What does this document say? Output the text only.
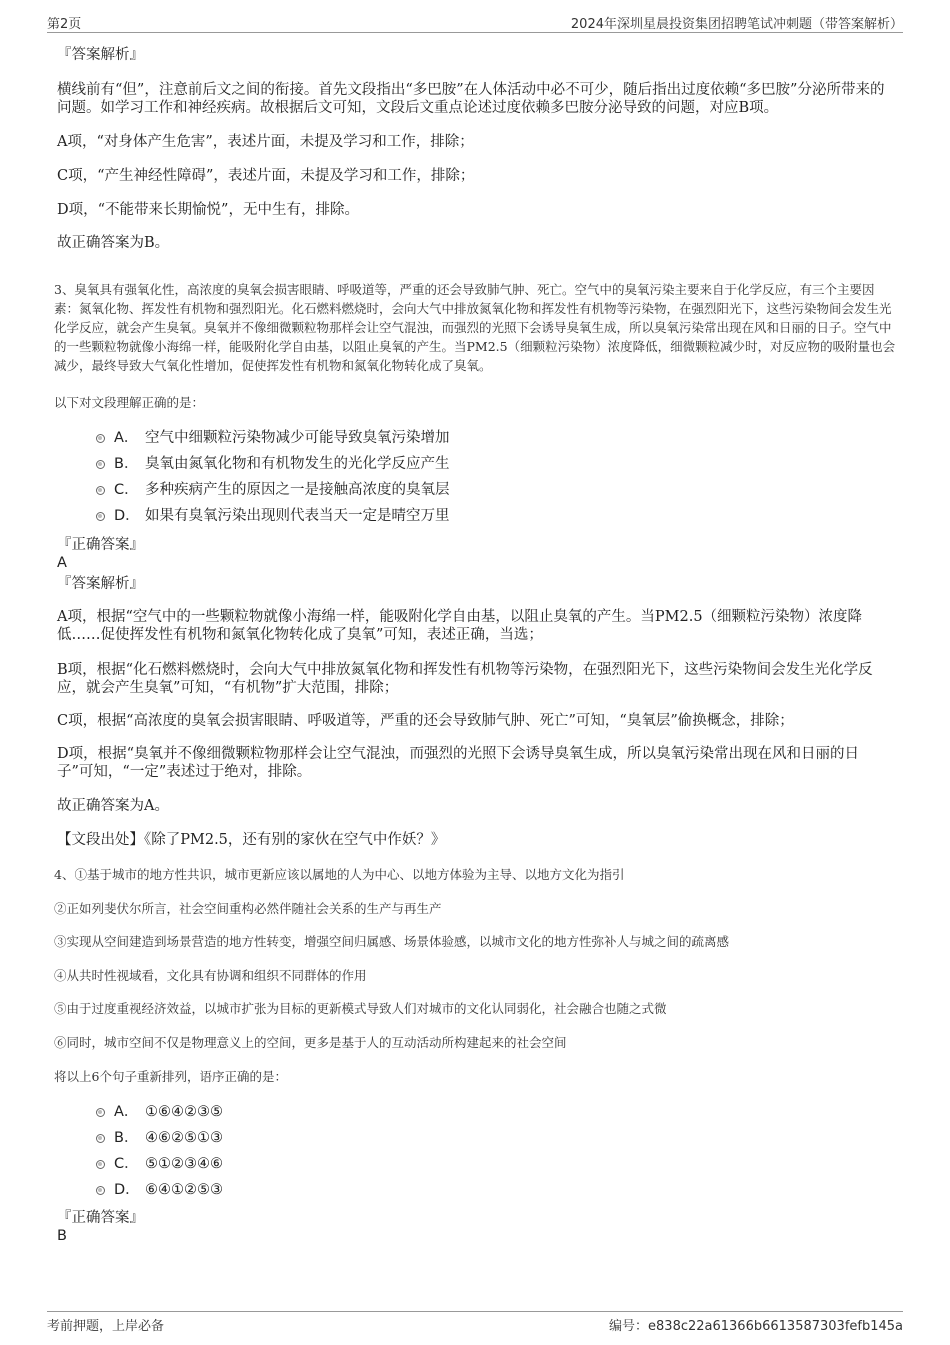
第2页	2024年深圳星晨投资集团招聘笔试冲刺题（带答案解析）

『答案解析』

横线前有“但”，注意前后文之间的衔接。首先文段指出“多巴胺”在人体活动中必不可少，随后指出过度依赖“多巴胺”分泌所带来的问题。如学习工作和神经疾病。故根据后文可知，文段后文重点论述过度依赖多巴胺分泌导致的问题，对应B项。

A项，“对身体产生危害”，表述片面，未提及学习和工作，排除；

C项，“产生神经性障碍”，表述片面，未提及学习和工作，排除；

D项，“不能带来长期愉悦”，无中生有，排除。

故正确答案为B。

3、臭氧具有强氧化性，高浓度的臭氧会损害眼睛、呼吸道等，严重的还会导致肺气肿、死亡。空气中的臭氧污染主要来自于化学反应，有三个主要因素：氮氧化物、挥发性有机物和强烈阳光。化石燃料燃烧时，会向大气中排放氮氧化物和挥发性有机物等污染物，在强烈阳光下，这些污染物间会发生光化学反应，就会产生臭氧。臭氧并不像细微颗粒物那样会让空气混浊，而强烈的光照下会诱导臭氧生成，所以臭氧污染常出现在风和日丽的日子。空气中的一些颗粒物就像小海绵一样，能吸附化学自由基，以阻止臭氧的产生。当PM2.5（细颗粒污染物）浓度降低，细微颗粒减少时，对反应物的吸附量也会减少，最终导致大气氧化性增加，促使挥发性有机物和氮氧化物转化成了臭氧。

以下对文段理解正确的是：

A． 空气中细颗粒污染物减少可能导致臭氧污染增加
B． 臭氧由氮氧化物和有机物发生的光化学反应产生
C． 多种疾病产生的原因之一是接触高浓度的臭氧层
D． 如果有臭氧污染出现则代表当天一定是晴空万里

『正确答案』

A

『答案解析』

A项，根据“空气中的一些颗粒物就像小海绵一样，能吸附化学自由基，以阻止臭氧的产生。当PM2.5（细颗粒污染物）浓度降低……促使挥发性有机物和氮氧化物转化成了臭氧”可知，表述正确，当选；

B项，根据“化石燃料燃烧时，会向大气中排放氮氧化物和挥发性有机物等污染物，在强烈阳光下，这些污染物间会发生光化学反应，就会产生臭氧”可知，“有机物”扩大范围，排除；

C项，根据“高浓度的臭氧会损害眼睛、呼吸道等，严重的还会导致肺气肿、死亡”可知，“臭氧层”偷换概念，排除；

D项，根据“臭氧并不像细微颗粒物那样会让空气混浊，而强烈的光照下会诱导臭氧生成，所以臭氧污染常出现在风和日丽的日子”可知，“一定”表述过于绝对，排除。

故正确答案为A。

【文段出处】《除了PM2.5，还有别的家伙在空气中作妖？》

4、①基于城市的地方性共识，城市更新应该以属地的人为中心、以地方体验为主导、以地方文化为指引

②正如列斐伏尔所言，社会空间重构必然伴随社会关系的生产与再生产

③实现从空间建造到场景营造的地方性转变，增强空间归属感、场景体验感，以城市文化的地方性弥补人与城之间的疏离感

④从共时性视域看，文化具有协调和组织不同群体的作用

⑤由于过度重视经济效益，以城市扩张为目标的更新模式导致人们对城市的文化认同弱化，社会融合也随之式微

⑥同时，城市空间不仅是物理意义上的空间，更多是基于人的互动活动所构建起来的社会空间

将以上6个句子重新排列，语序正确的是：

A． ①⑥④②③⑤
B． ④⑥②⑤①③
C． ⑤①②③④⑥
D． ⑥④①②⑤③

『正确答案』

B

考前押题，上岸必备	编号：e838c22a61366b6613587303fefb145a
